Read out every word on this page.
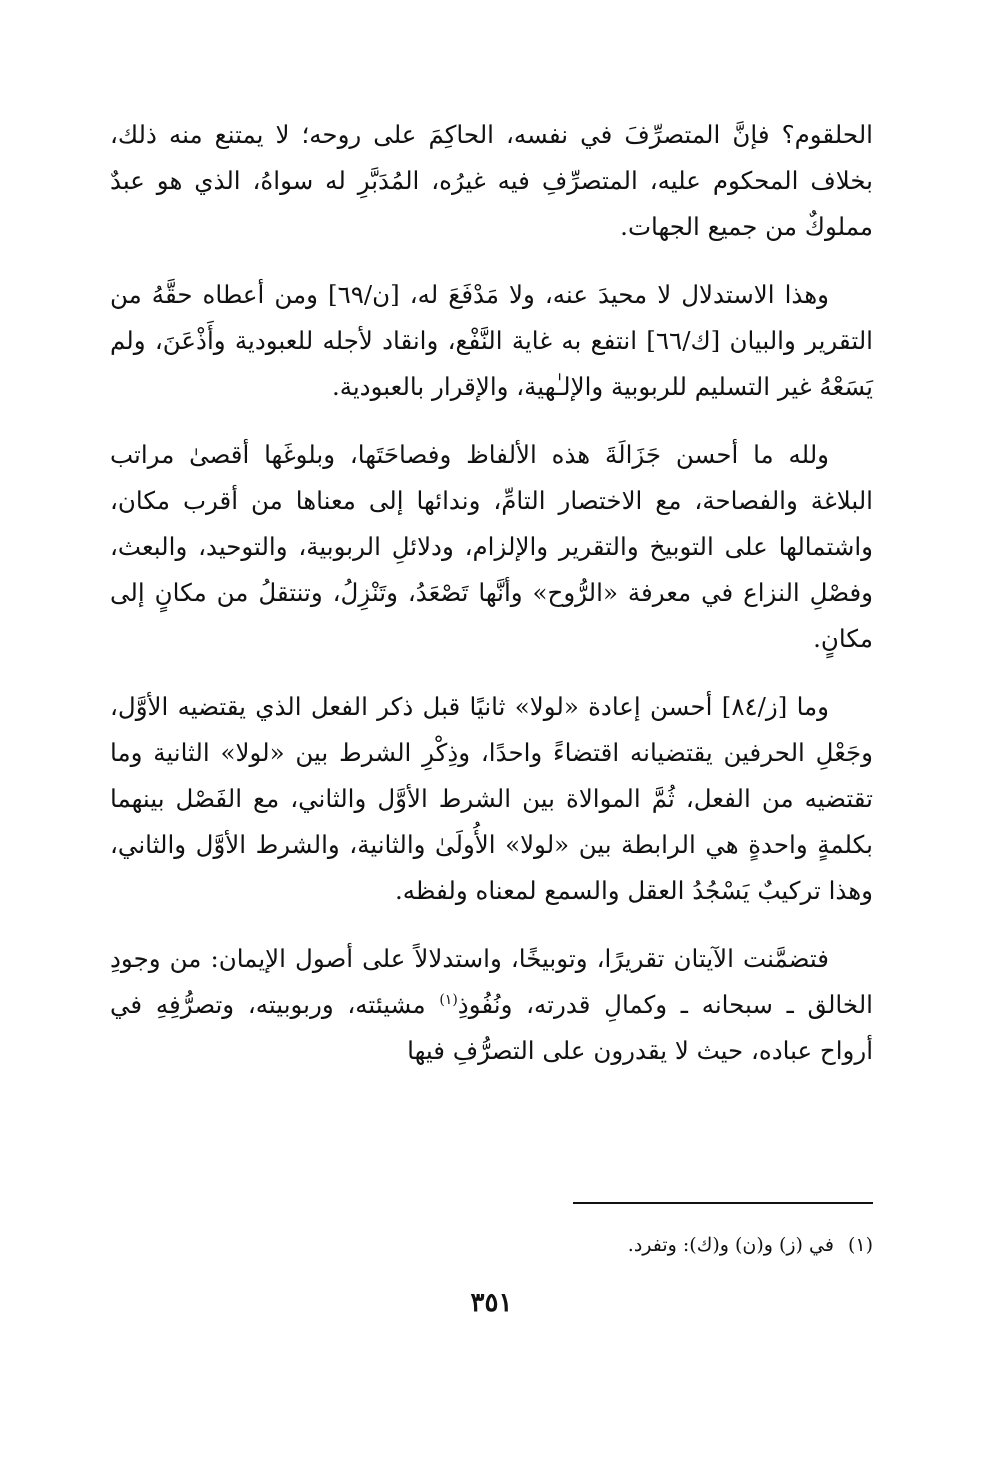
الحلقوم؟ فإنَّ المتصرِّفَ في نفسه، الحاكِمَ على روحه؛ لا يمتنع منه ذلك، بخلاف المحكوم عليه، المتصرِّفِ فيه غيرُه، المُدَبَّرِ له سواهُ، الذي هو عبدٌ مملوكٌ من جميع الجهات.

وهذا الاستدلال لا محيدَ عنه، ولا مَدْفَعَ له، [ن/٦٩] ومن أعطاه حقَّهُ من التقرير والبيان [ك/٦٦] انتفع به غاية النَّفْع، وانقاد لأجله للعبودية وأَذْعَنَ، ولم يَسَعْهُ غير التسليم للربوبية والإلـٰهية، والإقرار بالعبودية.

ولله ما أحسن جَزَالَةَ هذه الألفاظ وفصاحَتَها، وبلوغَها أقصىٰ مراتب البلاغة والفصاحة، مع الاختصار التامِّ، وندائها إلى معناها من أقرب مكان، واشتمالها على التوبيخ والتقرير والإلزام، ودلائلِ الربوبية، والتوحيد، والبعث، وفصْلِ النزاع في معرفة «الرُّوح» وأنَّها تَصْعَدُ، وتَنْزِلُ، وتنتقلُ من مكانٍ إلى مكانٍ.

وما [ز/٨٤] أحسن إعادة «لولا» ثانيًا قبل ذكر الفعل الذي يقتضيه الأوَّل، وجَعْلِ الحرفين يقتضيانه اقتضاءً واحدًا، وذِكْرِ الشرط بين «لولا» الثانية وما تقتضيه من الفعل، ثُمَّ الموالاة بين الشرط الأوَّل والثاني، مع الفَصْل بينهما بكلمةٍ واحدةٍ هي الرابطة بين «لولا» الأُولَىٰ والثانية، والشرط الأوَّل والثاني، وهذا تركيبٌ يَسْجُدُ العقل والسمع لمعناه ولفظه.

فتضمَّنت الآيتان تقريرًا، وتوبيخًا، واستدلالاً على أصول الإيمان: من وجودِ الخالق ـ سبحانه ـ وكمالِ قدرته، ونُفُوذِ$^{(١)}$ مشيئته، وربوبيته، وتصرُّفِهِ في أرواح عباده، حيث لا يقدرون على التصرُّفِ فيها

(١)في (ز) و(ن) و(ك): وتفرد.

٣٥١
